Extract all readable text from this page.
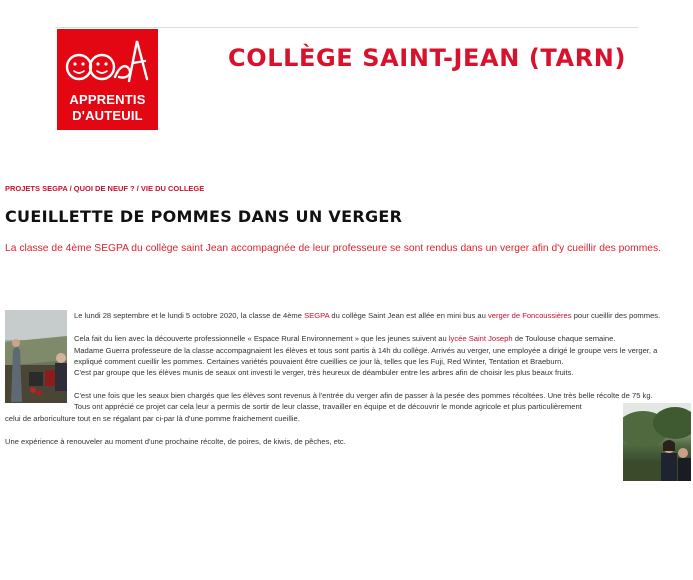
APPRENTIS
D'AUTEUIL
COLLÈGE SAINT-JEAN (TARN)
PROJETS SEGPA / QUOI DE NEUF ? / VIE DU COLLEGE
CUEILLETTE DE POMMES DANS UN VERGER
La classe de 4ème SEGPA du collège saint Jean accompagnée de leur professeure se sont rendus dans un verger afin d'y cueillir des pommes.
Le lundi 28 septembre et le lundi 5 octobre 2020, la classe de 4ème SEGPA du collège Saint Jean est allée en mini bus au verger de Foncoussières pour cueillir des pommes.
Cela fait du lien avec la découverte professionnelle « Espace Rural Environnement » que les jeunes suivent au lycée Saint Joseph de Toulouse chaque semaine.
Madame Guerra professeure de la classe accompagnaient les élèves et tous sont partis à 14h du collège. Arrivés au verger, une employée a dirigé le groupe vers le verger, a
expliqué comment cueillir les pommes. Certaines variétés pouvaient être cueillies ce jour là, telles que les Fuji, Red Winter, Tentation et Braeburn.
C'est par groupe que les élèves munis de seaux ont investi le verger, très heureux de déambuler entre les arbres afin de choisir les plus beaux fruits.
C'est une fois que les seaux bien chargés que les élèves sont revenus à l'entrée du verger afin de passer à la pesée des pommes récoltées. Une très belle récolte de 75 kg.
Tous ont apprécié ce projet car cela leur a permis de sortir de leur classe, travailler en équipe et de découvrir le monde agricole et plus particulièrement
celui de arboriculture tout en se régalant par ci-par là d'une pomme fraichement cueillie.
Une expérience à renouveler au moment d'une prochaine récolte, de poires, de kiwis, de pêches, etc.
